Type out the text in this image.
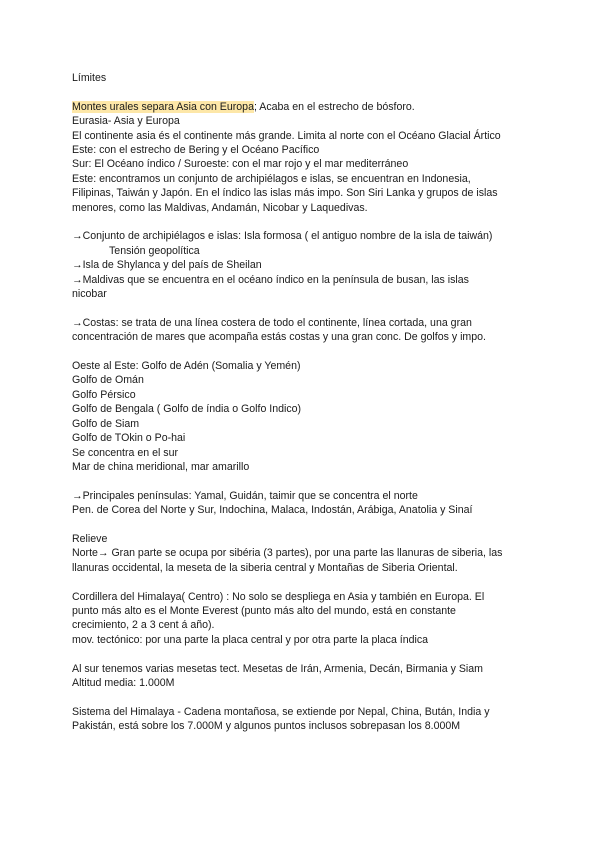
Límites
Montes urales separa Asia con Europa; Acaba en el estrecho de bósforo.
Eurasia- Asia y Europa
El continente asia és el continente más grande. Limita al norte con el Océano Glacial Ártico
Este: con el estrecho de Bering y el Océano Pacífico
Sur: El Océano índico / Suroeste: con el mar rojo y el mar mediterráneo
Este: encontramos un conjunto de archipiélagos e islas, se encuentran en Indonesia,
Filipinas, Taiwán y Japón. En el índico las islas más impo. Son Siri Lanka y grupos de islas
menores, como las Maldivas, Andamán, Nicobar y Laquedivas.
→Conjunto de archipiélagos e islas: Isla formosa ( el antiguo nombre de la isla de taiwán)
Tensión geopolítica
→Isla de Shylanca y del país de Sheilan
→Maldivas que se encuentra en el océano índico en la península de busan, las islas
nicobar
→Costas: se trata de una línea costera de todo el continente, línea cortada, una gran
concentración de mares que acompaña estás costas y una gran conc. De golfos y impo.
Oeste al Este: Golfo de Adén (Somalia y Yemén)
Golfo de Omán
Golfo Pérsico
Golfo de Bengala ( Golfo de índia o Golfo Indico)
Golfo de Siam
Golfo de TOkin o Po-hai
Se concentra en el sur
Mar de china meridional, mar amarillo
→Principales penínsulas: Yamal, Guidán, taimir que se concentra el norte
Pen. de Corea del Norte y Sur, Indochina, Malaca, Indostán, Arábiga, Anatolia y Sinaí
Relieve
Norte→ Gran parte se ocupa por sibéria (3 partes), por una parte las llanuras de siberia, las
llanuras occidental, la meseta de la siberia central y Montañas de Siberia Oriental.
Cordillera del Himalaya( Centro) : No solo se despliega en Asia y también en Europa. El
punto más alto es el Monte Everest (punto más alto del mundo, está en constante
crecimiento, 2 a 3 cent á año).
mov. tectónico: por una parte la placa central y por otra parte la placa índica
Al sur tenemos varias mesetas tect. Mesetas de Irán, Armenia, Decán, Birmania y Siam
Altitud media: 1.000M
Sistema del Himalaya - Cadena montañosa, se extiende por Nepal, China, Bután, India y
Pakistán, está sobre los 7.000M y algunos puntos inclusos sobrepasan los 8.000M
